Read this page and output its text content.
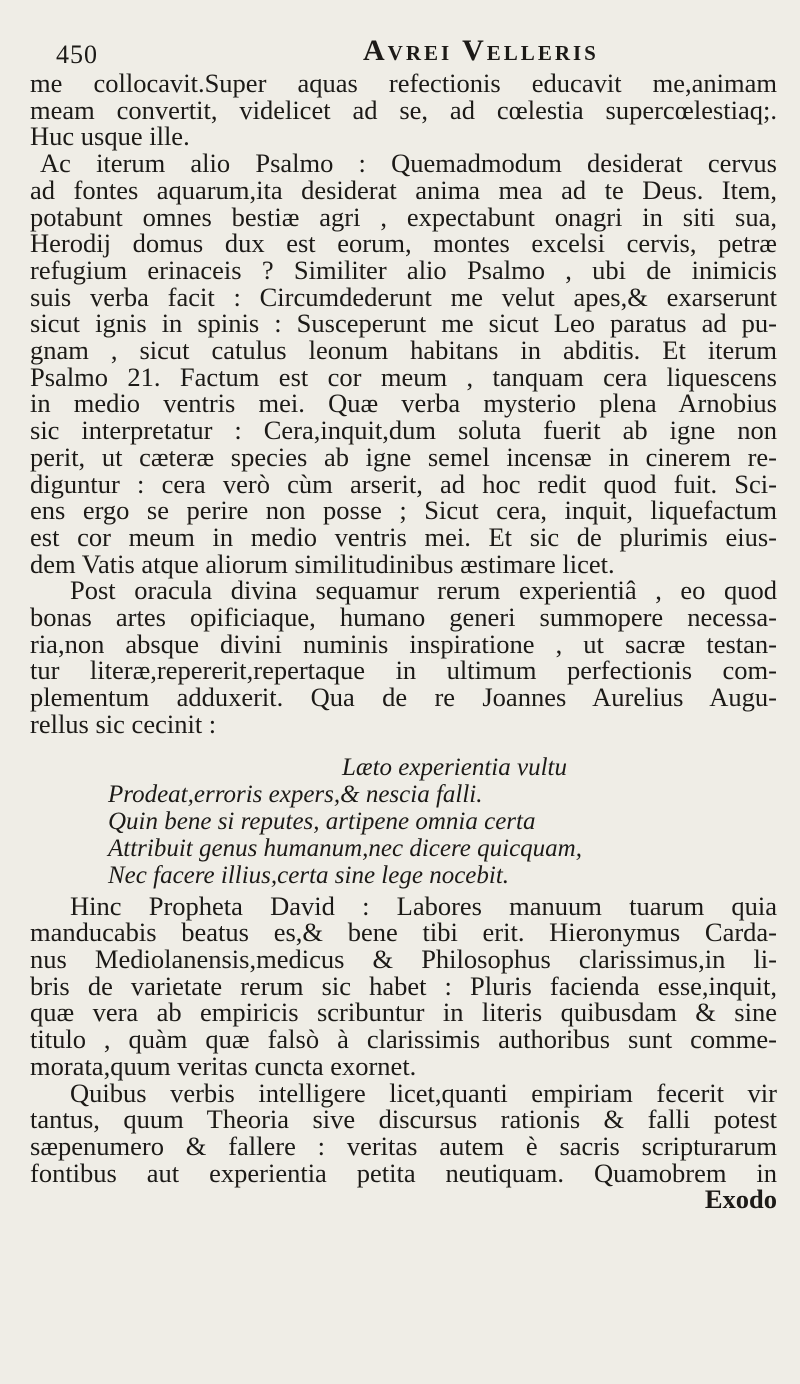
450	Avrei Velleris
me collocavit.Super aquas refectionis educavit me,animam
meam convertit, videlicet ad se, ad cœlestia supercœlestiaq;.
Huc usque ille.
Ac iterum alio Psalmo : Quemadmodum desiderat cervus
ad fontes aquarum,ita desiderat anima mea ad te Deus. Item,
potabunt omnes bestiæ agri , expectabunt onagri in siti sua,
Herodij domus dux est eorum, montes excelsi cervis, petræ
refugium erinaceis ? Similiter alio Psalmo , ubi de inimicis
suis verba facit : Circumdederunt me velut apes,& exarserunt
sicut ignis in spinis : Susceperunt me sicut Leo paratus ad pu-
gnam , sicut catulus leonum habitans in abditis. Et iterum
Psalmo 21. Factum est cor meum , tanquam cera liquescens
in medio ventris mei. Quæ verba mysterio plena Arnobius
sic interpretatur : Cera,inquit,dum soluta fuerit ab igne non
perit, ut cæteræ species ab igne semel incensæ in cinerem re-
diguntur : cera verò cùm arserit, ad hoc redit quod fuit. Sci-
ens ergo se perire non posse ; Sicut cera, inquit, liquefactum
est cor meum in medio ventris mei. Et sic de plurimis eius-
dem Vatis atque aliorum similitudinibus æstimare licet.
Post oracula divina sequamur rerum experientiâ , eo quod
bonas artes opificiaque, humano generi summopere necessa-
ria,non absque divini numinis inspiratione , ut sacræ testan-
tur literæ,repererit,repertaque in ultimum perfectionis com-
plementum adduxerit. Qua de re Joannes Aurelius Augu-
rellus sic cecinit :
Læto experientia vultu
Prodeat,erroris expers,& nescia falli.
Quin bene si reputes, artipene omnia certa
Attribuit genus humanum,nec dicere quicquam,
Nec facere illius,certa sine lege nocebit.
Hinc Propheta David : Labores manuum tuarum quia
manducabis beatus es,& bene tibi erit. Hieronymus Carda-
nus Mediolanensis,medicus & Philosophus clarissimus,in li-
bris de varietate rerum sic habet : Pluris facienda esse,inquit,
quæ vera ab empiricis scribuntur in literis quibusdam & sine
titulo , quàm quæ falsò à clarissimis authoribus sunt comme-
morata,quum veritas cuncta exornet.
Quibus verbis intelligere licet,quanti empiriam fecerit vir
tantus, quum Theoria sive discursus rationis & falli potest
sæpenumero & fallere : veritas autem è sacris scripturarum
fontibus aut experientia petita neutiquam. Quamobrem in
Exodo
